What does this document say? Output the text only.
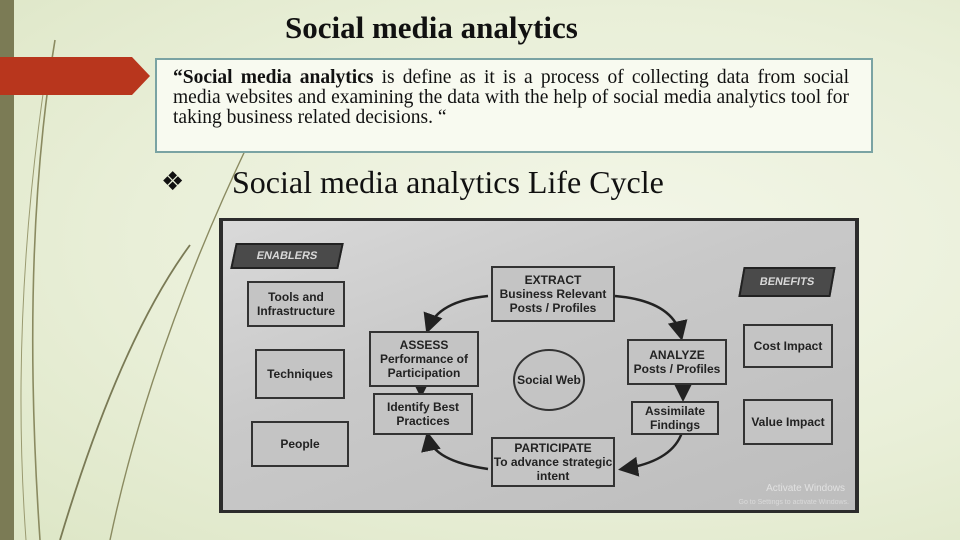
Social media analytics
“Social media analytics is define as it is a process of collecting data from social media websites and examining the data with the help of social media analytics tool for taking business related decisions. “
❖ Social media analytics Life Cycle
ENABLERS
BENEFITS
Tools and Infrastructure
Techniques
People
Cost Impact
Value Impact
EXTRACT
Business Relevant Posts / Profiles
ASSESS
Performance of Participation
Identify Best Practices
Social Web
ANALYZE
Posts / Profiles
Assimilate Findings
PARTICIPATE
To advance strategic intent
Activate Windows
Go to Settings to activate Windows.
